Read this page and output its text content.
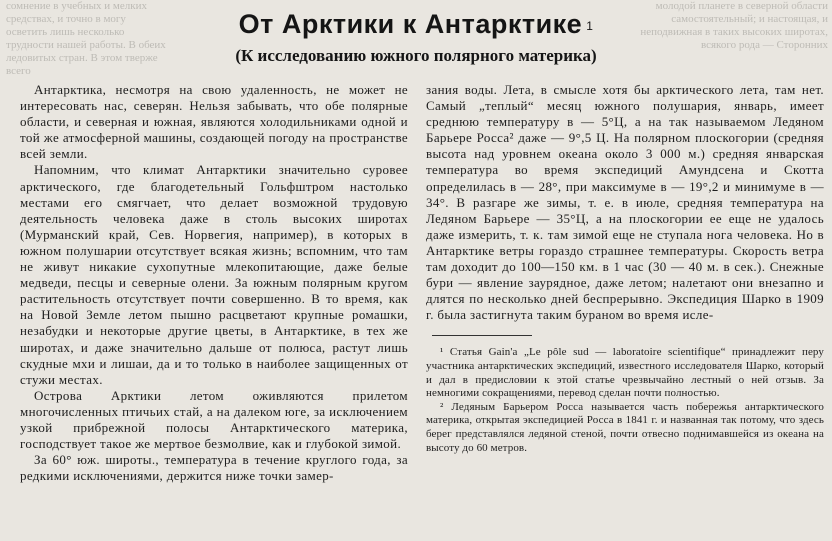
сомнение в учебных и мелких средствах, и точно в могу осветить лишь несколько трудности нашей работы. В обеих ледовитых стран. В этом тверже всего
молодой планете в северной области самостоятельный; и настоящая, и неподвижная в таких высоких широтах, всякого рода — Сторонних
От Арктики к Антарктике $^1$
(К исследованию южного полярного материка)

Антарктика, несмотря на свою удаленность, не может не интересовать нас, северян. Нельзя забывать, что обе полярные области, и северная и южная, являются холодильниками одной и той же атмосферной машины, создающей погоду на пространстве всей земли.

Напомним, что климат Антарктики значительно суровее арктического, где благодетельный Гольфштром настолько местами его смягчает, что делает возможной трудовую деятельность человека даже в столь высоких широтах (Мурманский край, Сев. Норвегия, например), в которых в южном полушарии отсутствует всякая жизнь; вспомним, что там не живут никакие сухопутные млекопитающие, даже белые медведи, песцы и северные олени. За южным полярным кругом растительность отсутствует почти совершенно. В то время, как на Новой Земле летом пышно расцветают крупные ромашки, незабудки и некоторые другие цветы, в Антарктике, в тех же широтах, и даже значительно дальше от полюса, растут лишь скудные мхи и лишаи, да и то только в наиболее защищенных от стужи местах.

Острова Арктики летом оживляются прилетом многочисленных птичьих стай, а на далеком юге, за исключением узкой прибрежной полосы Антарктического материка, господствует такое же мертвое безмолвие, как и глубокой зимой.

За 60° юж. широты., температура в течение круглого года, за редкими исключениями, держится ниже точки замер-

зания воды. Лета, в смысле хотя бы арктического лета, там нет. Самый „теплый“ месяц южного полушария, январь, имеет среднюю температуру в — 5°Ц, а на так называемом Ледяном Барьере Росса² даже — 9°,5 Ц. На полярном плоскогории (средняя высота над уровнем океана около 3 000 м.) средняя январская температура во время экспедиций Амундсена и Скотта определилась в — 28°, при максимуме в — 19°,2 и минимуме в — 34°. В разгаре же зимы, т. е. в июле, средняя температура на Ледяном Барьере — 35°Ц, а на плоскогории ее еще не удалось даже измерить, т. к. там зимой еще не ступала нога человека. Но в Антарктике ветры гораздо страшнее температуры. Скорость ветра там доходит до 100—150 км. в 1 час (30 — 40 м. в сек.). Снежные бури — явление заурядное, даже летом; налетают они внезапно и длятся по несколько дней беспрерывно. Экспедиция Шарко в 1909 г. была застигнута таким бураном во время исле-

¹ Статья Gain'a „Le pôle sud — laboratoire scientifique“ принадлежит перу участника антарктических экспедиций, известного исследователя Шарко, который и дал в предисловии к этой статье чрезвычайно лестный о ней отзыв. За немногими сокращениями, перевод сделан почти полностью.

² Ледяным Барьером Росса называется часть побережья антарктического материка, открытая экспедицией Росса в 1841 г. и названная так потому, что здесь берег представлялся ледяной стеной, почти отвесно поднимавшейся из океана на высоту до 60 метров.
